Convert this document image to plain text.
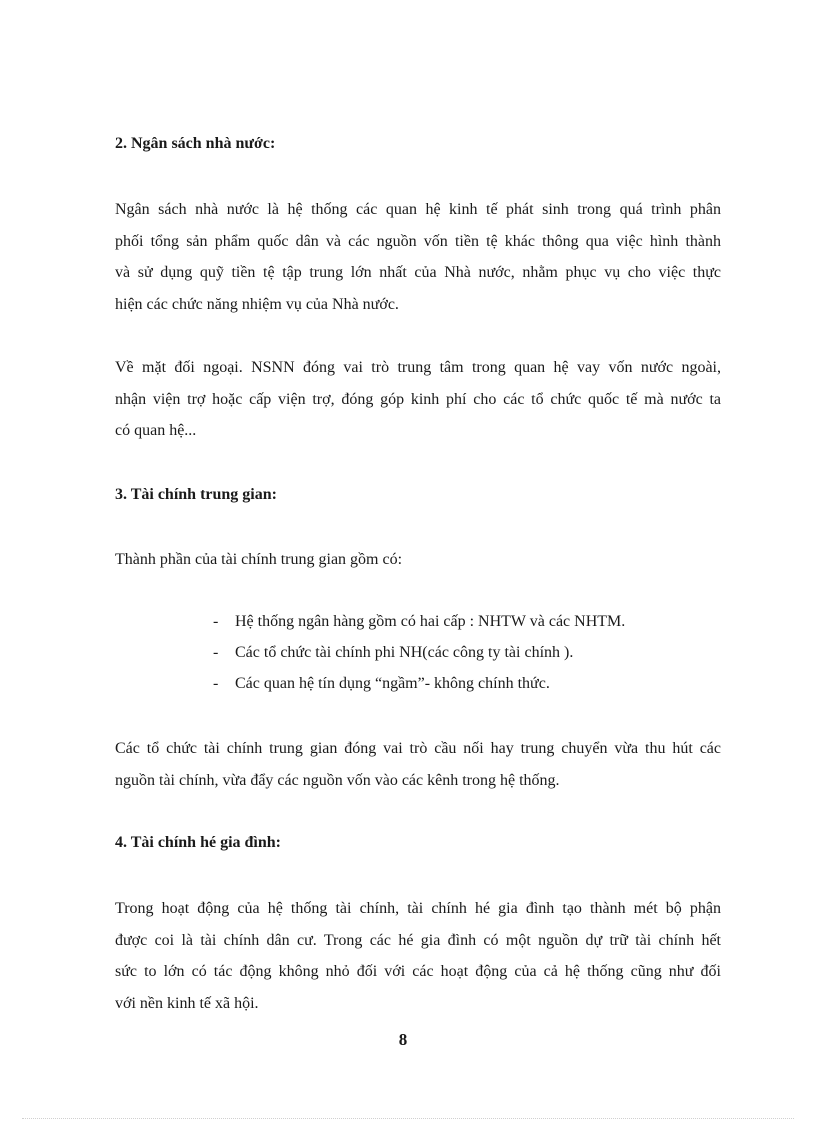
2. Ngân sách nhà nước:

Ngân sách nhà nước là hệ thống các quan hệ kinh tế phát sinh trong quá trình phân
phối tổng sản phẩm quốc dân và các nguồn vốn tiền tệ khác thông qua việc hình thành
và sử dụng quỹ tiền tệ tập trung lớn nhất của Nhà nước, nhằm phục vụ cho việc thực
hiện các chức năng nhiệm vụ của Nhà nước.

Về mặt đối ngoại. NSNN đóng vai trò trung tâm trong quan hệ vay vốn nước ngoài,
nhận viện trợ hoặc cấp viện trợ, đóng góp kinh phí cho các tổ chức quốc tế mà nước ta
có quan hệ...

3. Tài chính trung gian:

Thành phần của tài chính trung gian gồm có:

- Hệ thống ngân hàng gồm có hai cấp : NHTW và các NHTM.
- Các tổ chức tài chính phi NH(các công ty tài chính ).
- Các quan hệ tín dụng “ngầm”- không chính thức.

Các tổ chức tài chính trung gian đóng vai trò cầu nối hay trung chuyển vừa thu hút các
nguồn tài chính, vừa đẩy các nguồn vốn vào các kênh trong hệ thống.

4. Tài chính hé gia đình:

Trong hoạt động của hệ thống tài chính, tài chính hé gia đình tạo thành mét bộ phận
được coi là tài chính dân cư. Trong các hé gia đình có một nguồn dự trữ tài chính hết
sức to lớn có tác động không nhỏ đối với các hoạt động của cả hệ thống cũng như đối
với nền kinh tế xã hội.

8
